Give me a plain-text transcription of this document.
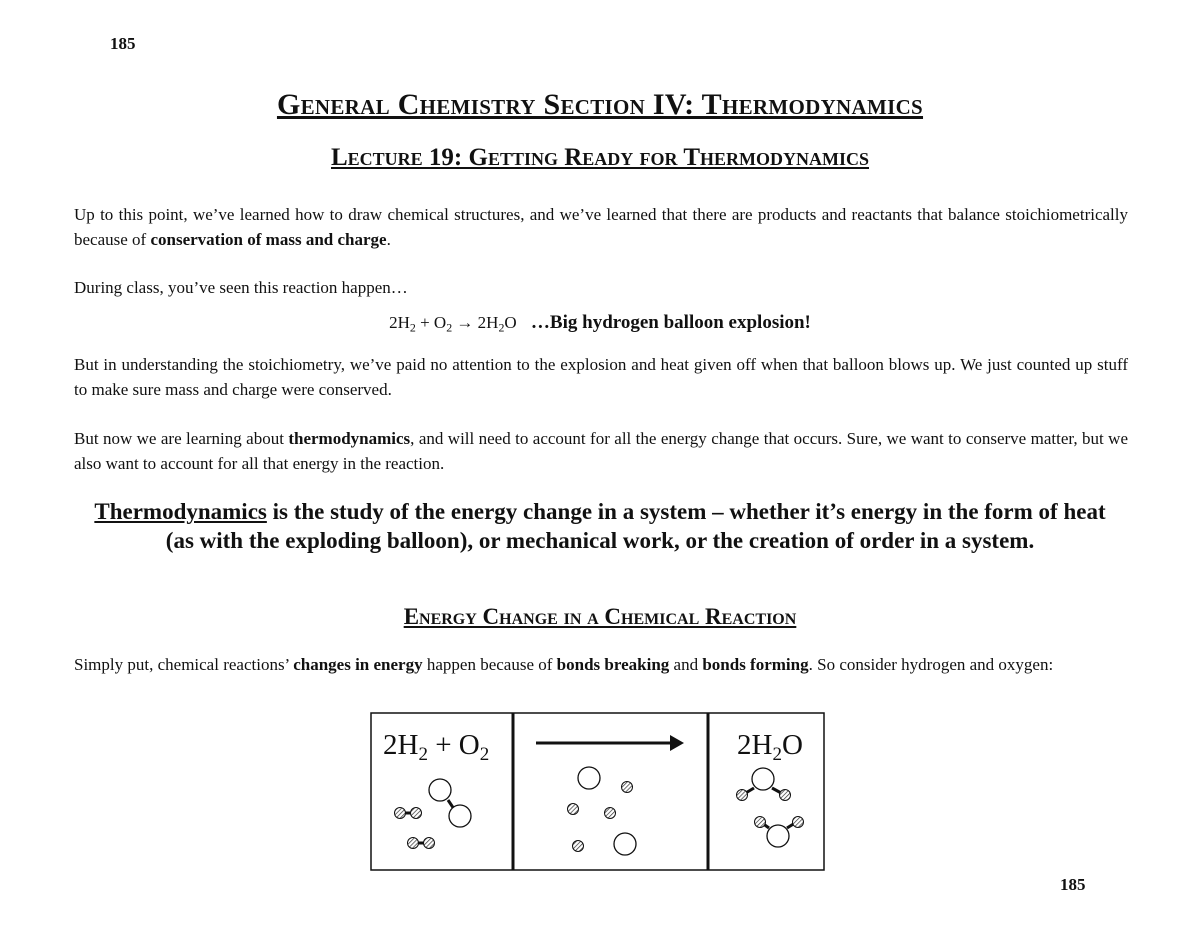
185
General Chemistry Section IV: Thermodynamics
Lecture 19: Getting Ready for Thermodynamics
Up to this point, we’ve learned how to draw chemical structures, and we’ve learned that there are products and reactants that balance stoichiometrically because of conservation of mass and charge.
During class, you’ve seen this reaction happen…
$2H_2 + O_2 \to 2H_2O$ …Big hydrogen balloon explosion!
But in understanding the stoichiometry, we’ve paid no attention to the explosion and heat given off when that balloon blows up. We just counted up stuff to make sure mass and charge were conserved.
But now we are learning about thermodynamics, and will need to account for all the energy change that occurs. Sure, we want to conserve matter, but we also want to account for all that energy in the reaction.
Thermodynamics is the study of the energy change in a system – whether it’s energy in the form of heat (as with the exploding balloon), or mechanical work, or the creation of order in a system.
Energy Change in a Chemical Reaction
Simply put, chemical reactions’ changes in energy happen because of bonds breaking and bonds forming. So consider hydrogen and oxygen:
$2H_2 + O_2$	$2H_2O$
185
